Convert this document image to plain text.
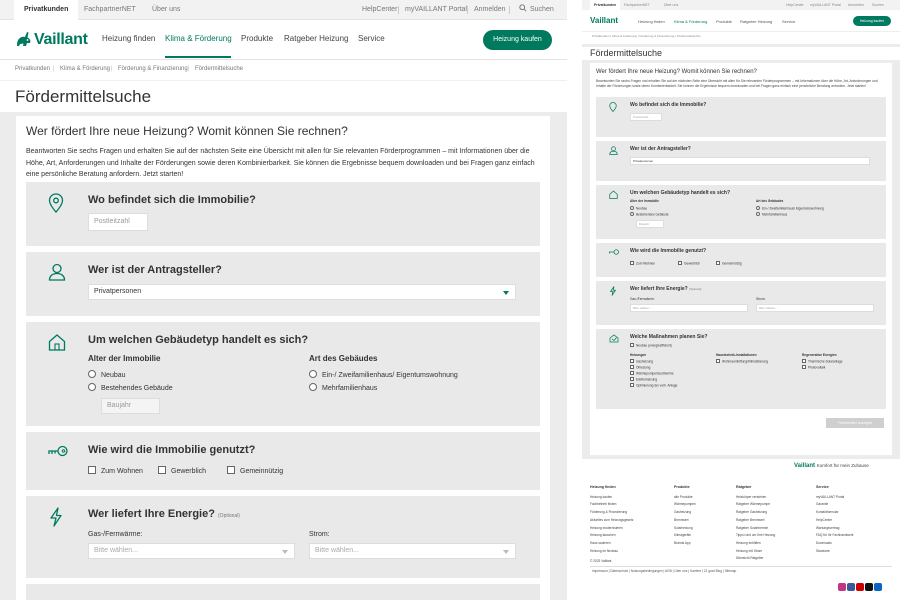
Privatkunden	FachpartnerNET	Über uns	HelpCenter myVAILLANT Portal Anmelden	Suchen
Vaillant Heizung finden Klima & Förderung Produkte Ratgeber Heizung Service	Heizung kaufen
Privatkunden | Klima & Förderung | Förderung & Finanzierung | Fördermittelsuche
Fördermittelsuche
Wer fördert Ihre neue Heizung? Womit können Sie rechnen?

Beantworten Sie sechs Fragen und erhalten Sie auf der nächsten Seite eine Übersicht mit allen für Sie relevanten Förderprogrammen – mit Informationen über die Höhe, Art, Anforderungen und Inhalte der Förderungen sowie deren Kombinierbarkeit. Sie können die Ergebnisse bequem downloaden und bei Fragen ganz einfach eine persönliche Beratung anfordern. Jetzt starten!

Wo befindet sich die Immobilie?
Postleitzahl
Wer ist der Antragsteller?
Privatpersonen
Um welchen Gebäudetyp handelt es sich?
Alter der Immobilie
Neubau
Bestehendes Gebäude
Baujahr
Art des Gebäudes
Ein-/ Zweifamilienhaus/ Eigentumswohnung
Mehrfamilienhaus
Wie wird die Immobilie genutzt?
Zum Wohnen	Gewerblich	Gemeinnützig
Wer liefert Ihre Energie? (Optional)
Gas-/Fernwärme:
Bitte wählen...
Strom:
Bitte wählen...
Privatkunden	FachpartnerNET	Über uns	HelpCenter myVAILLANT Portal Anmelden Suchen
Vaillant	Heizung finden Klima & Förderung Produkte Ratgeber Heizung Service	Heizung kaufen
Privatkunden | Klima & Förderung | Förderung & Finanzierung | Fördermittelsuche
Fördermittelsuche
Wer fördert Ihre neue Heizung? Womit können Sie rechnen?
Beantworten Sie sechs Fragen und erhalten Sie auf der nächsten Seite eine Übersicht mit allen für Sie relevanten Förderprogrammen – mit Informationen über die Höhe, Art, Anforderungen und Inhalte der Förderungen sowie deren Kombinierbarkeit. Sie können die Ergebnisse bequem downloaden und bei Fragen ganz einfach eine persönliche Beratung anfordern. Jetzt starten!
Wo befindet sich die Immobilie?
Postleitzahl
Wer ist der Antragsteller?
Privatpersonen
Um welchen Gebäudetyp handelt es sich?
Alter der Immobilie
Neubau
Bestehendes Gebäude
Baujahr
Art des Gebäudes
Ein-/ Zweifamilienhaus/ Eigentumswohnung
Mehrfamilienhaus
Wie wird die Immobilie genutzt?
Zum Wohnen	Gewerblich	Gemeinnützig
Wer liefert Ihre Energie? (Optional)
Gas-/Fernwärme:
Bitte wählen...
Strom:
Bitte wählen...
Welche Maßnahmen planen Sie?
Neubau (energieeffizient)
Heizungen
Gasheizung
Ölheizung
Wärmepumpe/Geothermie
Elektroheizung
Optimierung der vorh. Anlage
Haustechnik-Installationen
Wohnraumlüftung/Klimatisierung
Regenerative Energien
Thermische Solaranlage
Photovoltaik
Fördermittel anzeigen
Vaillant Komfort für mein Zuhause
Heizung finden
Heizung kaufen
Fachbetrieb finden
Förderung & Finanzierung
Aktuelles zum Heizungsgesetz
Heizung modernisieren
Heizung tauschen
Haus sanieren
Heizung im Neubau
© 2023 Vaillant
Produkte
alle Produkte
Wärmepumpen
Gasheizung
Brennwert
Solarheizung
Klimageräte
Brands App
Ratgeber
Heizkörper verstehen
Ratgeber Wärmepumpe
Ratgeber Gasheizung
Ratgeber Brennwert
Ratgeber Solarthermie
Tipps rund um Ihre Heizung
Heizung entlüften
Heizung mit Strom
Übersicht Ratgeber
Service
myVAILLANT Portal
Garantie
Kontaktformular
HelpCenter
Wartungsvertrag
FAQ für Ihr Fachhandwerk
Downloads
Standorte
Impressum | Datenschutz | Nutzungsbedingungen | AGB | Über uns | Karriere | 21 grad Blog | Sitemap
